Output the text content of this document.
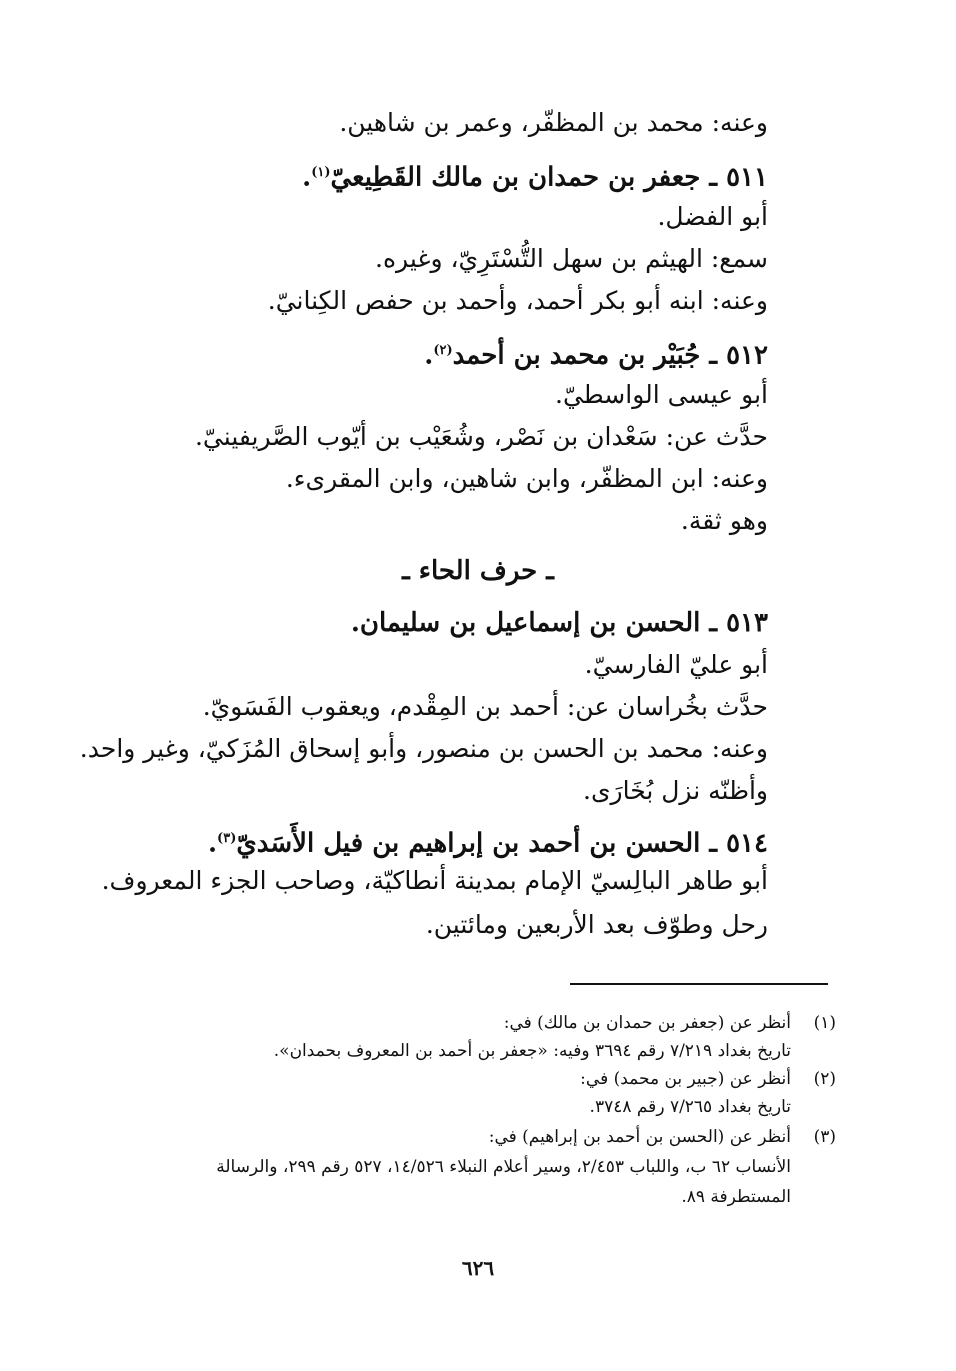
وعنه: محمد بن المظفّر، وعمر بن شاهين.
٥١١ ـ جعفر بن حمدان بن مالك القَطِيعيّ$^{(١)}$.
أبو الفضل.
سمع: الهيثم بن سهل التُّسْتَرِيّ، وغيره.
وعنه: ابنه أبو بكر أحمد، وأحمد بن حفص الكِنانيّ.
٥١٢ ـ جُبَيْر بن محمد بن أحمد$^{(٢)}$.
أبو عيسى الواسطيّ.
حدَّث عن: سَعْدان بن نَصْر، وشُعَيْب بن أيّوب الصَّريفينيّ.
وعنه: ابن المظفّر، وابن شاهين، وابن المقرىء.
وهو ثقة.
ـ حرف الحاء ـ
٥١٣ ـ الحسن بن إسماعيل بن سليمان.
أبو عليّ الفارسيّ.
حدَّث بخُراسان عن: أحمد بن المِقْدم، ويعقوب الفَسَويّ.
وعنه: محمد بن الحسن بن منصور، وأبو إسحاق المُزَكيّ، وغير واحد.
وأظنّه نزل بُخَارَى.
٥١٤ ـ الحسن بن أحمد بن إبراهيم بن فيل الأَسَديّ$^{(٣)}$.
أبو طاهر البالِسيّ الإمام بمدينة أنطاكيّة، وصاحب الجزء المعروف.
رحل وطوّف بعد الأربعين ومائتين.
(١)
أنظر عن (جعفر بن حمدان بن مالك) في:
تاريخ بغداد ٧/٢١٩ رقم ٣٦٩٤ وفيه: «جعفر بن أحمد بن المعروف بحمدان».
(٢)
أنظر عن (جبير بن محمد) في:
تاريخ بغداد ٧/٢٦٥ رقم ٣٧٤٨.
(٣)
أنظر عن (الحسن بن أحمد بن إبراهيم) في:
الأنساب ٦٢ ب، واللباب ٢/٤٥٣، وسير أعلام النبلاء ١٤/٥٢٦، ٥٢٧ رقم ٢٩٩، والرسالة
المستطرفة ٨٩.
٦٢٦
